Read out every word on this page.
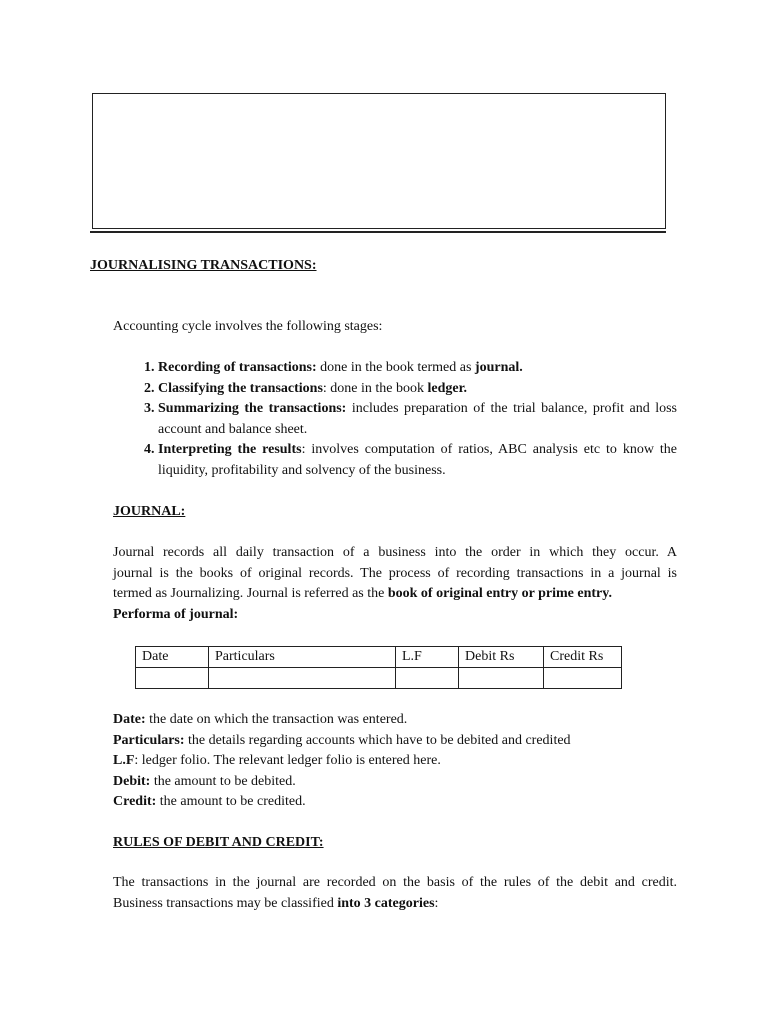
JOURNALISING TRANSACTIONS:
Accounting cycle involves the following stages:
1. Recording of transactions: done in the book termed as journal.
2. Classifying the transactions: done in the book ledger.
3. Summarizing the transactions: includes preparation of the trial balance, profit and loss account and balance sheet.
4. Interpreting the results: involves computation of ratios, ABC analysis etc to know the liquidity, profitability and solvency of the business.
JOURNAL:
Journal records all daily transaction of a business into the order in which they occur. A
journal is the books of original records. The process of recording transactions in a journal is
termed as Journalizing. Journal is referred as the book of original entry or prime entry.
Performa of journal:
Date	Particulars	L.F	Debit Rs	Credit Rs

Date: the date on which the transaction was entered.
Particulars: the details regarding accounts which have to be debited and credited
L.F: ledger folio. The relevant ledger folio is entered here.
Debit: the amount to be debited.
Credit: the amount to be credited.
RULES OF DEBIT AND CREDIT:
The transactions in the journal are recorded on the basis of the rules of the debit and credit.
Business transactions may be classified into 3 categories:
